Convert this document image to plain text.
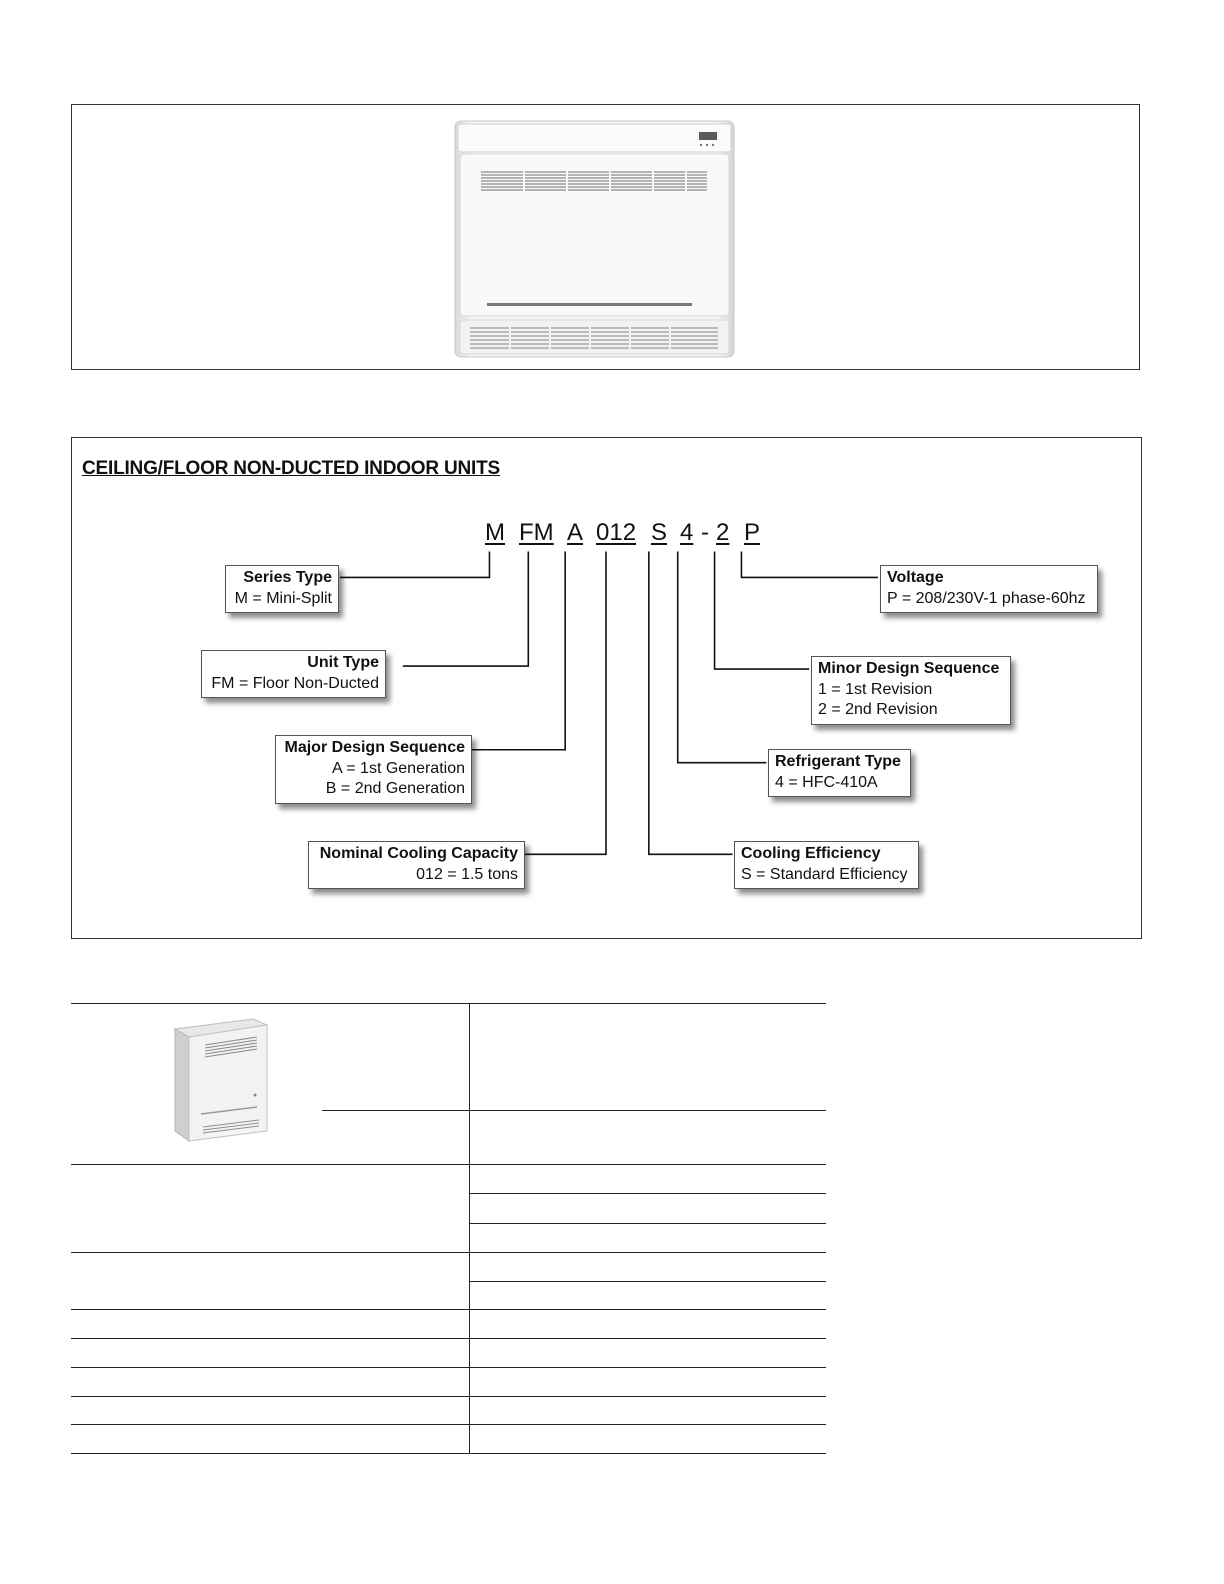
CEILING/FLOOR NON-DUCTED INDOOR UNITS
M FM A 012 S 4 - 2 P
Series Type
M = Mini-Split
Unit Type
FM = Floor Non-Ducted
Major Design Sequence
A = 1st Generation
B = 2nd Generation
Nominal Cooling Capacity
012 = 1.5 tons
Voltage
P = 208/230V-1 phase-60hz
Minor Design Sequence
1 = 1st Revision
2 = 2nd Revision
Refrigerant Type
4 = HFC-410A
Cooling Efficiency
S = Standard Efficiency
